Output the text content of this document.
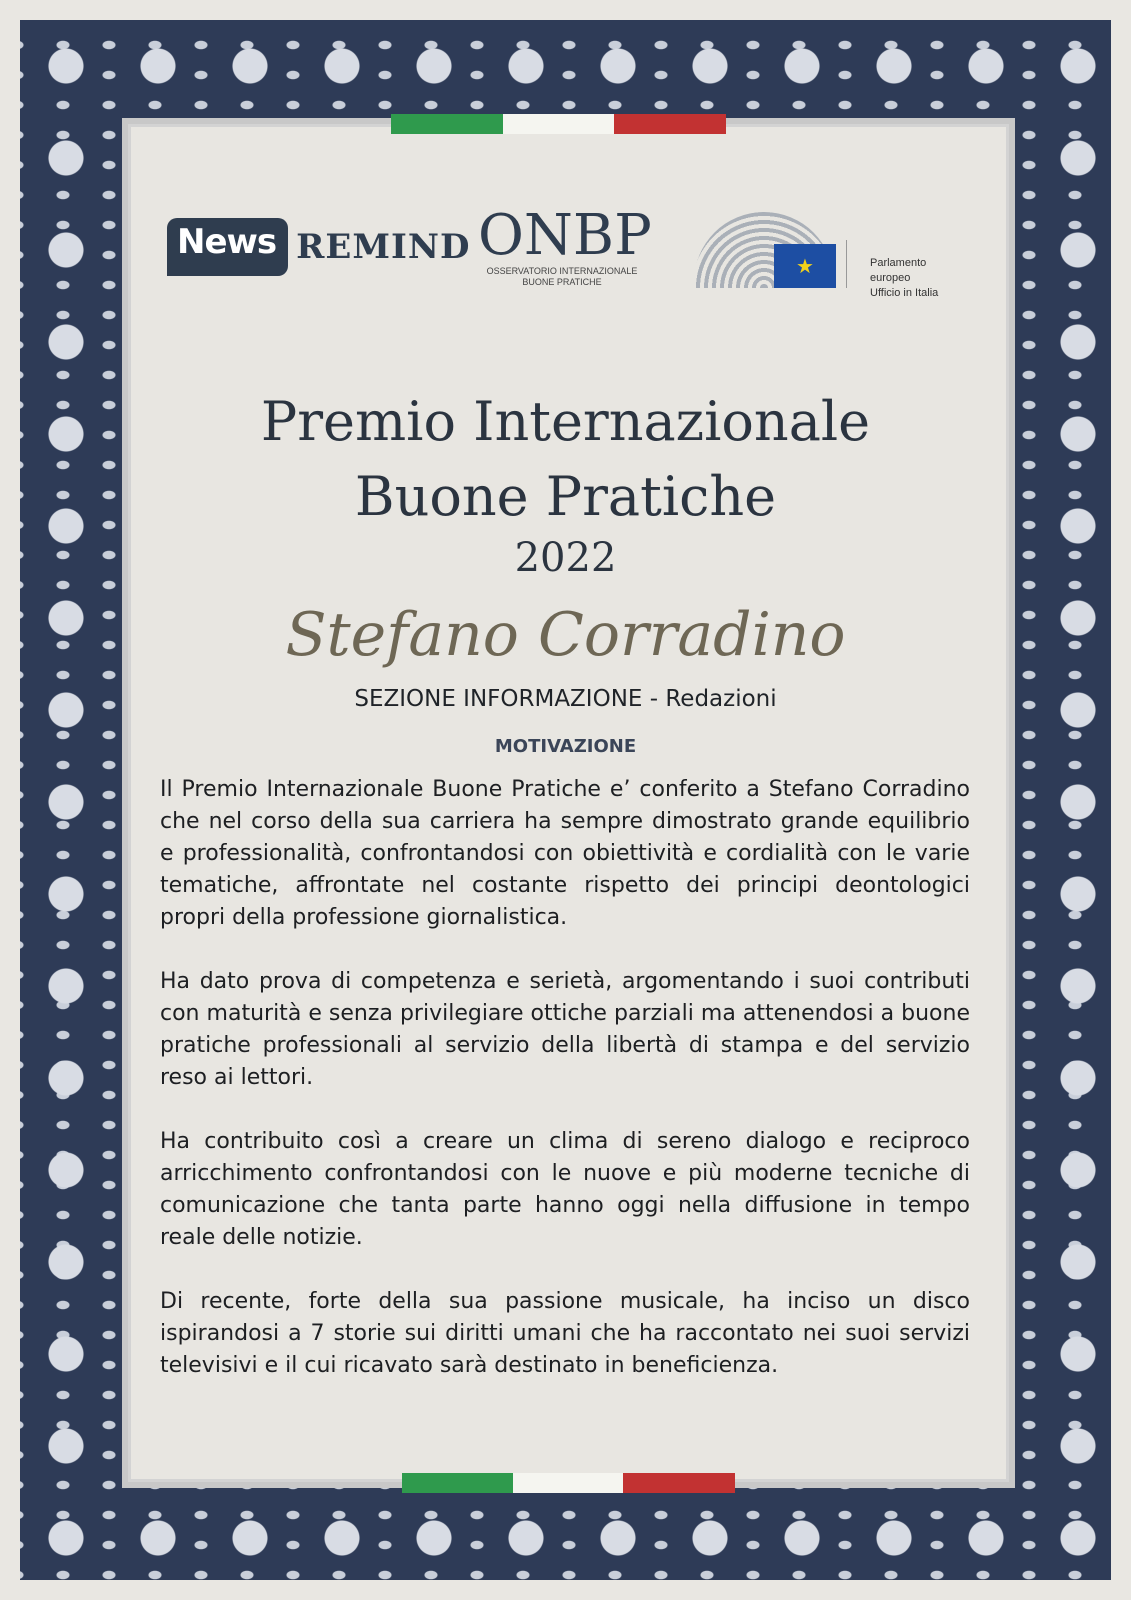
News REMIND ONBP
OSSERVATORIO INTERNAZIONALE
BUONE PRATICHE
★	Parlamento europeo
Ufficio in Italia
Premio Internazionale
Buone Pratiche
2022
Stefano Corradino
SEZIONE INFORMAZIONE - Redazioni
MOTIVAZIONE

Il Premio Internazionale Buone Pratiche e’ conferito a Stefano Corradino che nel corso della sua carriera ha sempre dimostrato grande equilibrio e professionalità, confrontandosi con obiettività e cordialità con le varie tematiche, affrontate nel costante rispetto dei principi deontologici propri della professione giornalistica.

Ha dato prova di competenza e serietà, argomentando i suoi contributi con maturità e senza privilegiare ottiche parziali ma attenendosi a buone pratiche professionali al servizio della libertà di stampa e del servizio reso ai lettori.

Ha contribuito così a creare un clima di sereno dialogo e reciproco arricchimento confrontandosi con le nuove e più moderne tecniche di comunicazione che tanta parte hanno oggi nella diffusione in tempo reale delle notizie.

Di recente, forte della sua passione musicale, ha inciso un disco ispirandosi a 7 storie sui diritti umani che ha raccontato nei suoi servizi televisivi e il cui ricavato sarà destinato in beneficienza.
